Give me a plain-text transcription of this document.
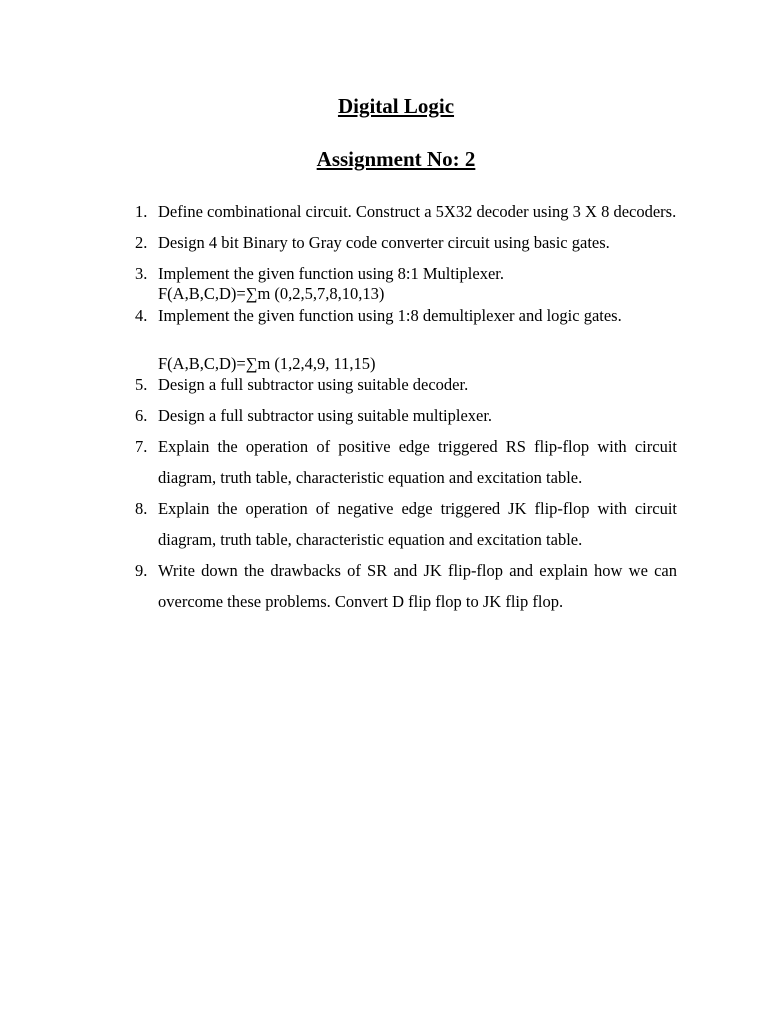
Digital Logic
Assignment No: 2
1. Define combinational circuit. Construct a 5X32 decoder using 3 X 8 decoders.
2. Design 4 bit Binary to Gray code converter circuit using basic gates.
3. Implement the given function using 8:1 Multiplexer.
F(A,B,C,D)=∑m (0,2,5,7,8,10,13)
4. Implement the given function using 1:8 demultiplexer and logic gates.
F(A,B,C,D)=∑m (1,2,4,9, 11,15)
5. Design a full subtractor using suitable decoder.
6. Design a full subtractor using suitable multiplexer.
7. Explain the operation of positive edge triggered RS flip-flop with circuit diagram, truth table, characteristic equation and excitation table.
8. Explain the operation of negative edge triggered JK flip-flop with circuit diagram, truth table, characteristic equation and excitation table.
9. Write down the drawbacks of SR and JK flip-flop and explain how we can overcome these problems. Convert D flip flop to JK flip flop.
